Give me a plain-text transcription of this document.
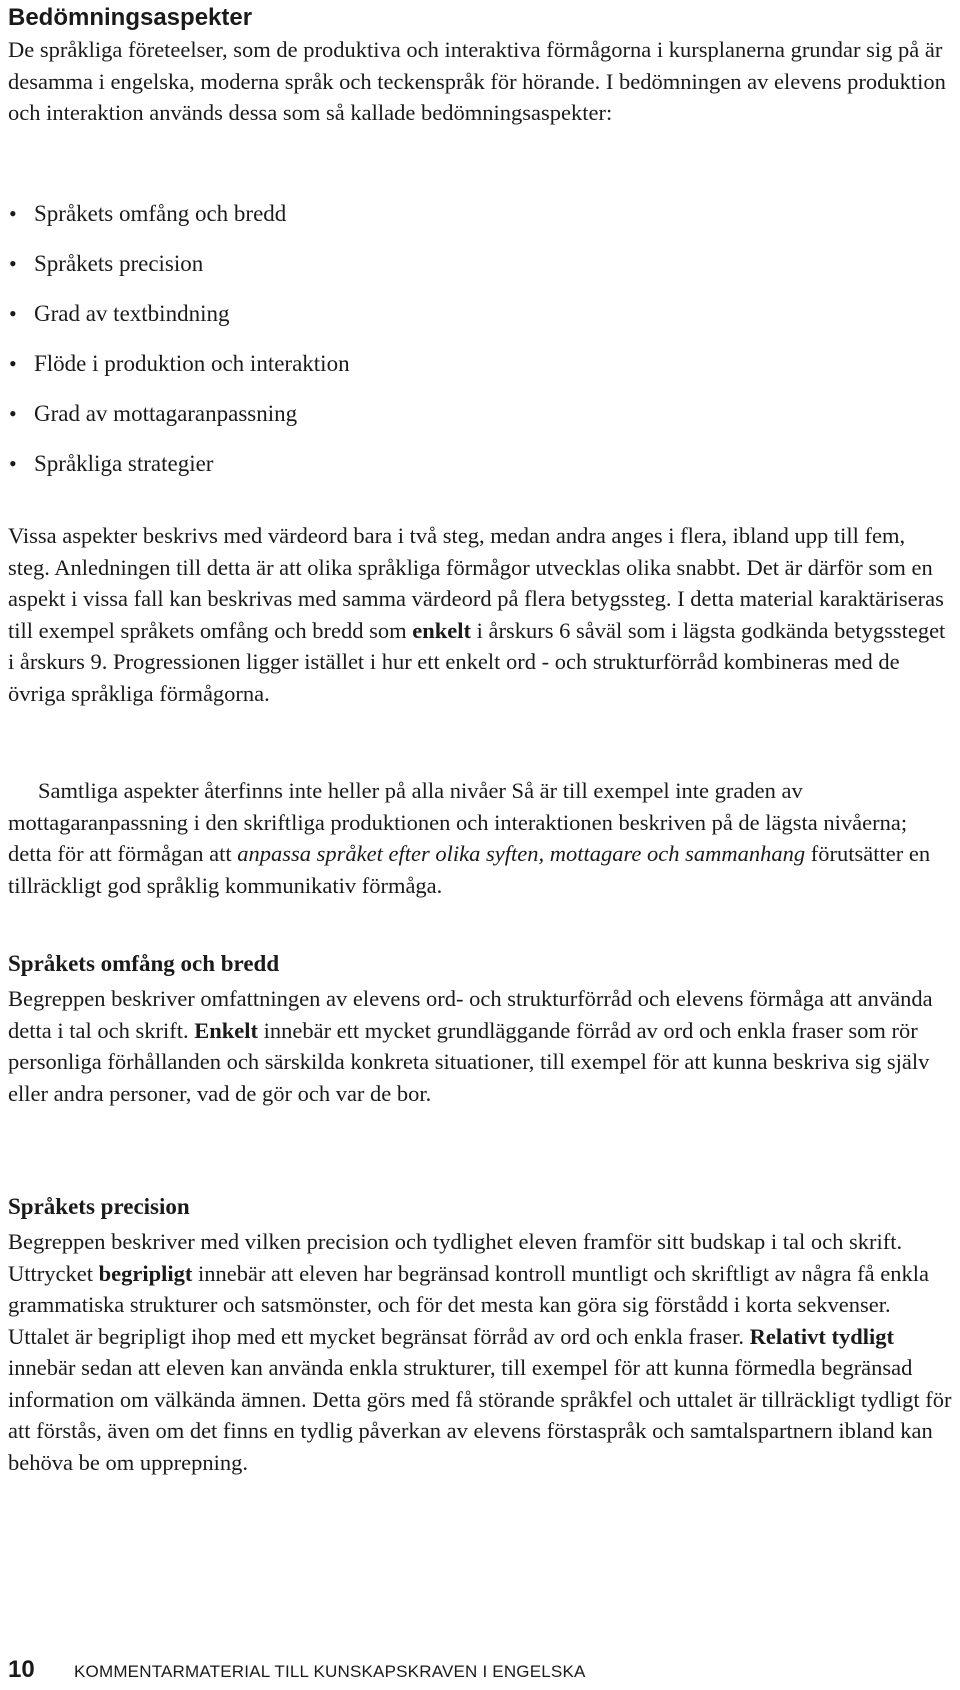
Bedömningsaspekter

De språkliga företeelser, som de produktiva och interaktiva förmågorna i kursplanerna grundar sig på är desamma i engelska, moderna språk och teckenspråk för hörande. I bedömningen av elevens produktion och interaktion används dessa som så kallade bedömningsaspekter:

• Språkets omfång och bredd
• Språkets precision
• Grad av textbindning
• Flöde i produktion och interaktion
• Grad av mottagaranpassning
• Språkliga strategier

Vissa aspekter beskrivs med värdeord bara i två steg, medan andra anges i flera, ibland upp till fem, steg. Anledningen till detta är att olika språkliga förmågor utvecklas olika snabbt. Det är därför som en aspekt i vissa fall kan beskrivas med samma värdeord på flera betygssteg. I detta material karaktäriseras till exempel språkets omfång och bredd som enkelt i årskurs 6 såväl som i lägsta godkända betygssteget i årskurs 9. Progressionen ligger istället i hur ett enkelt ord - och strukturförråd kombineras med de övriga språkliga förmågorna.

Samtliga aspekter återfinns inte heller på alla nivåer Så är till exempel inte graden av mottagaranpassning i den skriftliga produktionen och interaktionen beskriven på de lägsta nivåerna; detta för att förmågan att anpassa språket efter olika syften, mottagare och sammanhang förutsätter en tillräckligt god språklig kommunikativ förmåga.

Språkets omfång och bredd

Begreppen beskriver omfattningen av elevens ord- och strukturförråd och elevens förmåga att använda detta i tal och skrift. Enkelt innebär ett mycket grundläggande förråd av ord och enkla fraser som rör personliga förhållanden och särskilda konkreta situationer, till exempel för att kunna beskriva sig själv eller andra personer, vad de gör och var de bor.

Språkets precision

Begreppen beskriver med vilken precision och tydlighet eleven framför sitt budskap i tal och skrift. Uttrycket begripligt innebär att eleven har begränsad kontroll muntligt och skriftligt av några få enkla grammatiska strukturer och satsmönster, och för det mesta kan göra sig förstådd i korta sekvenser. Uttalet är begripligt ihop med ett mycket begränsat förråd av ord och enkla fraser. Relativt tydligt innebär sedan att eleven kan använda enkla strukturer, till exempel för att kunna förmedla begränsad information om välkända ämnen. Detta görs med få störande språkfel och uttalet är tillräckligt tydligt för att förstås, även om det finns en tydlig påverkan av elevens förstaspråk och samtalspartnern ibland kan behöva be om upprepning.

10 KOMMENTARMATERIAL TILL KUNSKAPSKRAVEN I ENGELSKA
